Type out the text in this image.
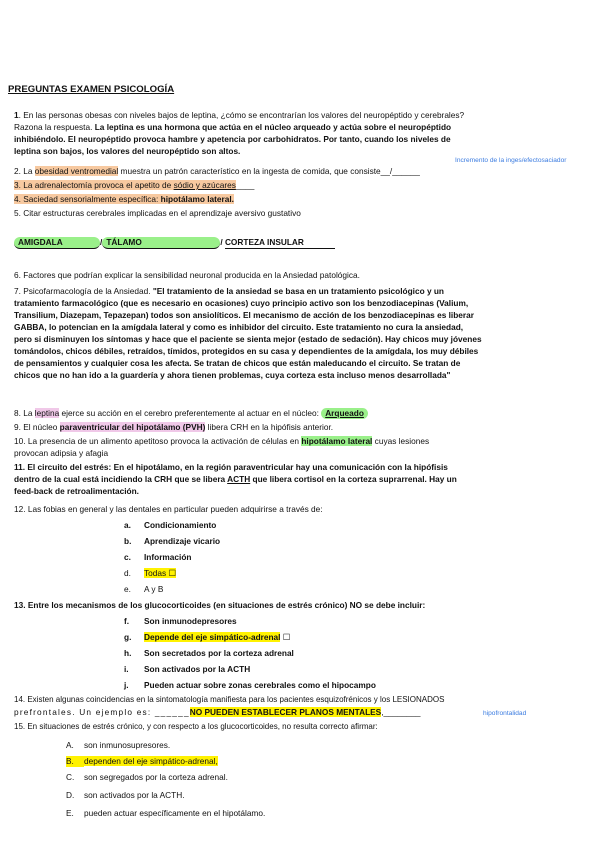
PREGUNTAS EXAMEN PSICOLOGÍA
1. En las personas obesas con niveles bajos de leptina, ¿cómo se encontrarían los valores del neuropéptido y cerebrales?
Razona la respuesta. La leptina es una hormona que actúa en el núcleo arqueado y actúa sobre el neuropéptido
inhibiéndolo. El neuropéptido provoca hambre y apetencia por carbohidratos. Por tanto, cuando los niveles de
leptina son bajos, los valores del neuropéptido son altos.
Incremento de la inges/efectosaciador
2. La obesidad ventromedial muestra un patrón característico en la ingesta de comida, que consiste__/______
3. La adrenalectomía provoca el apetito de sódio y azúcares____
4. Saciedad sensorialmente específica: hipotálamo lateral.
5. Citar estructuras cerebrales implicadas en el aprendizaje aversivo gustativo
AMIGDALA	/ TÁLAMO	/ CORTEZA INSULAR
6. Factores que podrían explicar la sensibilidad neuronal producida en la Ansiedad patológica.
7. Psicofarmacología de la Ansiedad. "El tratamiento de la ansiedad se basa en un tratamiento psicológico y un
tratamiento farmacológico (que es necesario en ocasiones) cuyo principio activo son los benzodiacepinas (Valium,
Transilium, Diazepam, Tepazepan) todos son ansiolíticos. El mecanismo de acción de los benzodiacepinas es liberar
GABBA, lo potencian en la amígdala lateral y como es inhibidor del circuito. Este tratamiento no cura la ansiedad,
pero si disminuyen los síntomas y hace que el paciente se sienta mejor (estado de sedación). Hay chicos muy jóvenes
tomándolos, chicos débiles, retraídos, tímidos, protegidos en su casa y dependientes de la amígdala, los muy débiles
de pensamientos y cualquier cosa les afecta. Se tratan de chicos que están maleducando el circuito. Se tratan de
chicos que no han ido a la guardería y ahora tienen problemas, cuya corteza esta incluso menos desarrollada"
8. La leptina ejerce su acción en el cerebro preferentemente al actuar en el núcleo: Arqueado
9. El núcleo paraventricular del hipotálamo (PVH) libera CRH en la hipófisis anterior.
10. La presencia de un alimento apetitoso provoca la activación de células en hipotálamo lateral cuyas lesiones
provocan adipsia y afagia
11. El circuito del estrés: En el hipotálamo, en la región paraventricular hay una comunicación con la hipófisis
dentro de la cual está incidiendo la CRH que se libera ACTH que libera cortisol en la corteza suprarrenal. Hay un
feed-back de retroalimentación.
12. Las fobias en general y las dentales en particular pueden adquirirse a través de:
a. Condicionamiento
b. Aprendizaje vicario
c. Información
d. Todas ☐
e. A y B
13. Entre los mecanismos de los glucocorticoides (en situaciones de estrés crónico) NO se debe incluir:
f. Son inmunodepresores
g. Depende del eje simpático-adrenal ☐
h. Son secretados por la corteza adrenal
i. Son activados por la ACTH
j. Pueden actuar sobre zonas cerebrales como el hipocampo
14. Existen algunas coincidencias en la sintomatología manifiesta para los pacientes esquizofrénicos y los LESIONADOS
prefrontales. Un ejemplo es: ______NO PUEDEN ESTABLECER PLANOS MENTALES,________	hipofrontalidad
15. En situaciones de estrés crónico, y con respecto a los glucocorticoides, no resulta correcto afirmar:
A. son inmunosupresores.
B. dependen del eje simpático-adrenal,
C. son segregados por la corteza adrenal.
D. son activados por la ACTH.
E. pueden actuar específicamente en el hipotálamo.
